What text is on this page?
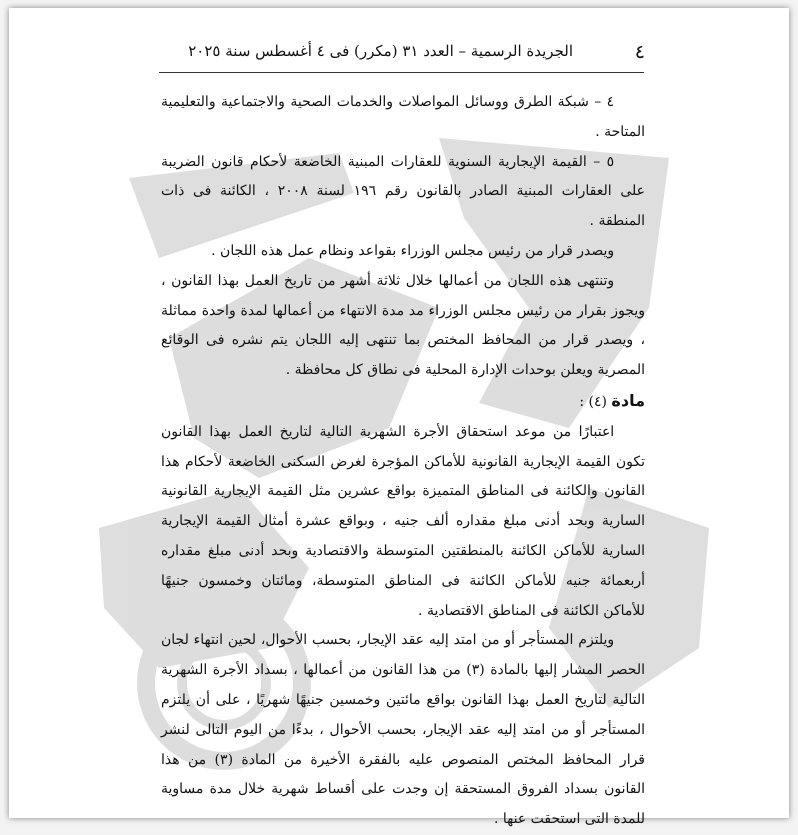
٤
الجريدة الرسمية – العدد ٣١ (مكرر) فى ٤ أغسطس سنة ٢٠٢٥

٤ – شبكة الطرق ووسائل المواصلات والخدمات الصحية والاجتماعية والتعليمية المتاحة .

٥ – القيمة الإيجارية السنوية للعقارات المبنية الخاضعة لأحكام قانون الضريبة على العقارات المبنية الصادر بالقانون رقم ١٩٦ لسنة ٢٠٠٨ ، الكائنة فى ذات المنطقة .

ويصدر قرار من رئيس مجلس الوزراء بقواعد ونظام عمل هذه اللجان .

وتنتهى هذه اللجان من أعمالها خلال ثلاثة أشهر من تاريخ العمل بهذا القانون ، ويجوز بقرار من رئيس مجلس الوزراء مد مدة الانتهاء من أعمالها لمدة واحدة مماثلة ، ويصدر قرار من المحافظ المختص بما تنتهى إليه اللجان يتم نشره فى الوقائع المصرية ويعلن بوحدات الإدارة المحلية فى نطاق كل محافظة .

مادة (٤) :

اعتبارًا من موعد استحقاق الأجرة الشهرية التالية لتاريخ العمل بهذا القانون تكون القيمة الإيجارية القانونية للأماكن المؤجرة لغرض السكنى الخاضعة لأحكام هذا القانون والكائنة فى المناطق المتميزة بواقع عشرين مثل القيمة الإيجارية القانونية السارية وبحد أدنى مبلغ مقداره ألف جنيه ، وبواقع عشرة أمثال القيمة الإيجارية السارية للأماكن الكائنة بالمنطقتين المتوسطة والاقتصادية وبحد أدنى مبلغ مقداره أربعمائة جنيه للأماكن الكائنة فى المناطق المتوسطة، ومائتان وخمسون جنيهًا للأماكن الكائنة فى المناطق الاقتصادية .

ويلتزم المستأجر أو من امتد إليه عقد الإيجار، بحسب الأحوال، لحين انتهاء لجان الحصر المشار إليها بالمادة (٣) من هذا القانون من أعمالها ، بسداد الأجرة الشهرية التالية لتاريخ العمل بهذا القانون بواقع مائتين وخمسين جنيهًا شهريًا ، على أن يلتزم المستأجر أو من امتد إليه عقد الإيجار، بحسب الأحوال ، بدءًا من اليوم التالى لنشر قرار المحافظ المختص المنصوص عليه بالفقرة الأخيرة من المادة (٣) من هذا القانون بسداد الفروق المستحقة إن وجدت على أقساط شهرية خلال مدة مساوية للمدة التى استحقت عنها .
